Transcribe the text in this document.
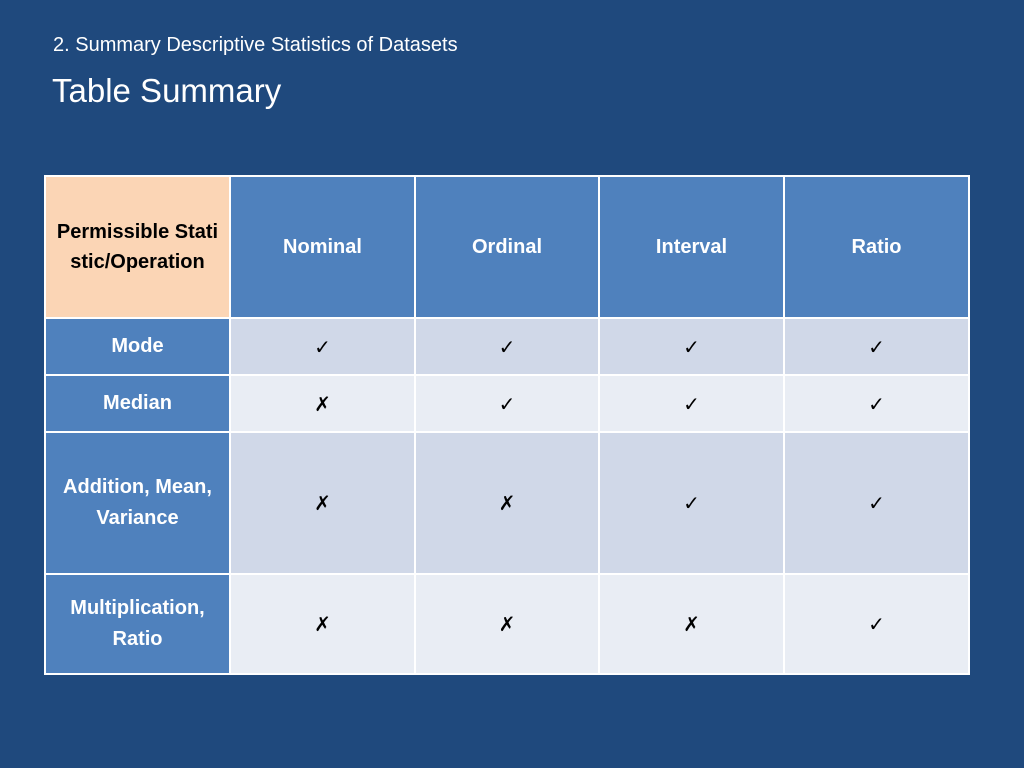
2. Summary Descriptive Statistics of Datasets
Table Summary
Permissible Statistic/Operation	Nominal	Ordinal	Interval	Ratio
Mode	✓	✓	✓	✓
Median	✗	✓	✓	✓
Addition, Mean, Variance	✗	✗	✓	✓
Multiplication, Ratio	✗	✗	✗	✓
